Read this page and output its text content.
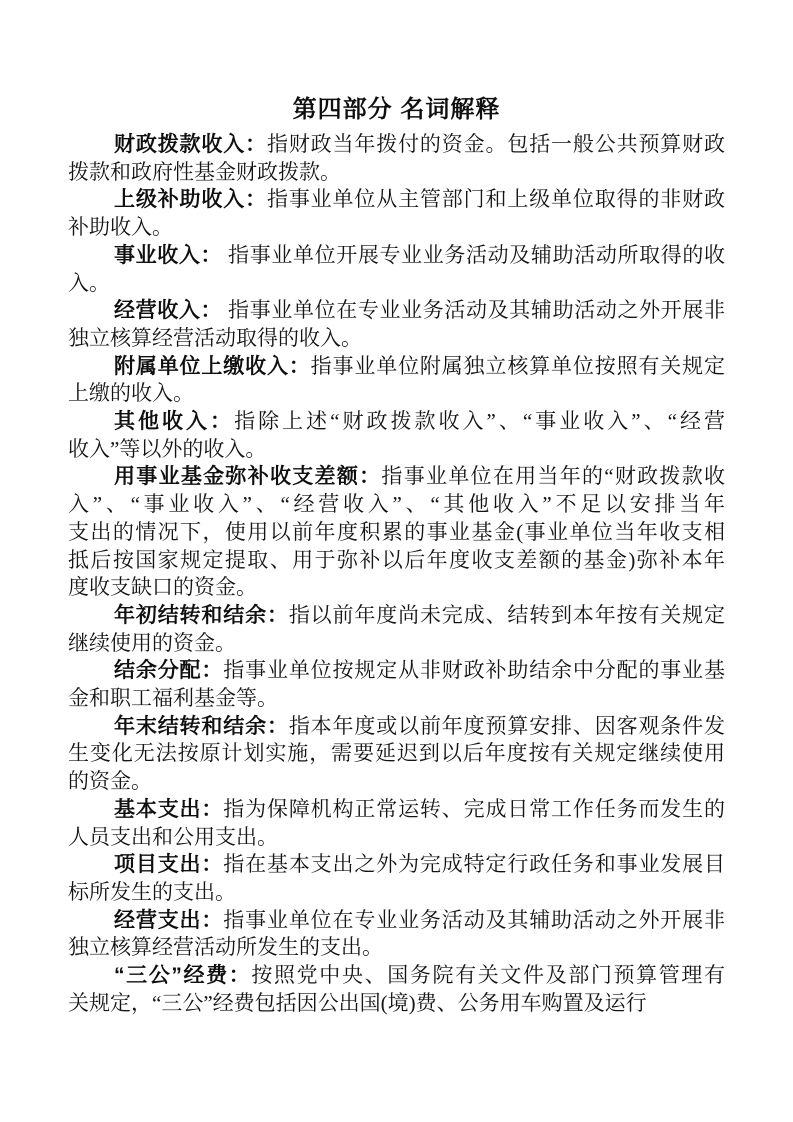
第四部分 名词解释

财政拨款收入：指财政当年拨付的资金。包括一般公共预算财政
拨款和政府性基金财政拨款。

上级补助收入：指事业单位从主管部门和上级单位取得的非财政
补助收入。

事业收入： 指事业单位开展专业业务活动及辅助活动所取得的收
入。

经营收入： 指事业单位在专业业务活动及其辅助活动之外开展非
独立核算经营活动取得的收入。

附属单位上缴收入：指事业单位附属独立核算单位按照有关规定
上缴的收入。

其他收入：指除上述“财政拨款收入”、“事业收入”、“经营
收入”等以外的收入。

用事业基金弥补收支差额：指事业单位在用当年的“财政拨款收
入”、“事业收入”、“经营收入”、“其他收入”不足以安排当年
支出的情况下，使用以前年度积累的事业基金(事业单位当年收支相
抵后按国家规定提取、用于弥补以后年度收支差额的基金)弥补本年
度收支缺口的资金。

年初结转和结余：指以前年度尚未完成、结转到本年按有关规定
继续使用的资金。

结余分配：指事业单位按规定从非财政补助结余中分配的事业基
金和职工福利基金等。

年末结转和结余：指本年度或以前年度预算安排、因客观条件发
生变化无法按原计划实施，需要延迟到以后年度按有关规定继续使用
的资金。

基本支出：指为保障机构正常运转、完成日常工作任务而发生的
人员支出和公用支出。

项目支出：指在基本支出之外为完成特定行政任务和事业发展目
标所发生的支出。

经营支出：指事业单位在专业业务活动及其辅助活动之外开展非
独立核算经营活动所发生的支出。

“三公”经费：按照党中央、国务院有关文件及部门预算管理有
关规定，“三公”经费包括因公出国(境)费、公务用车购置及运行
